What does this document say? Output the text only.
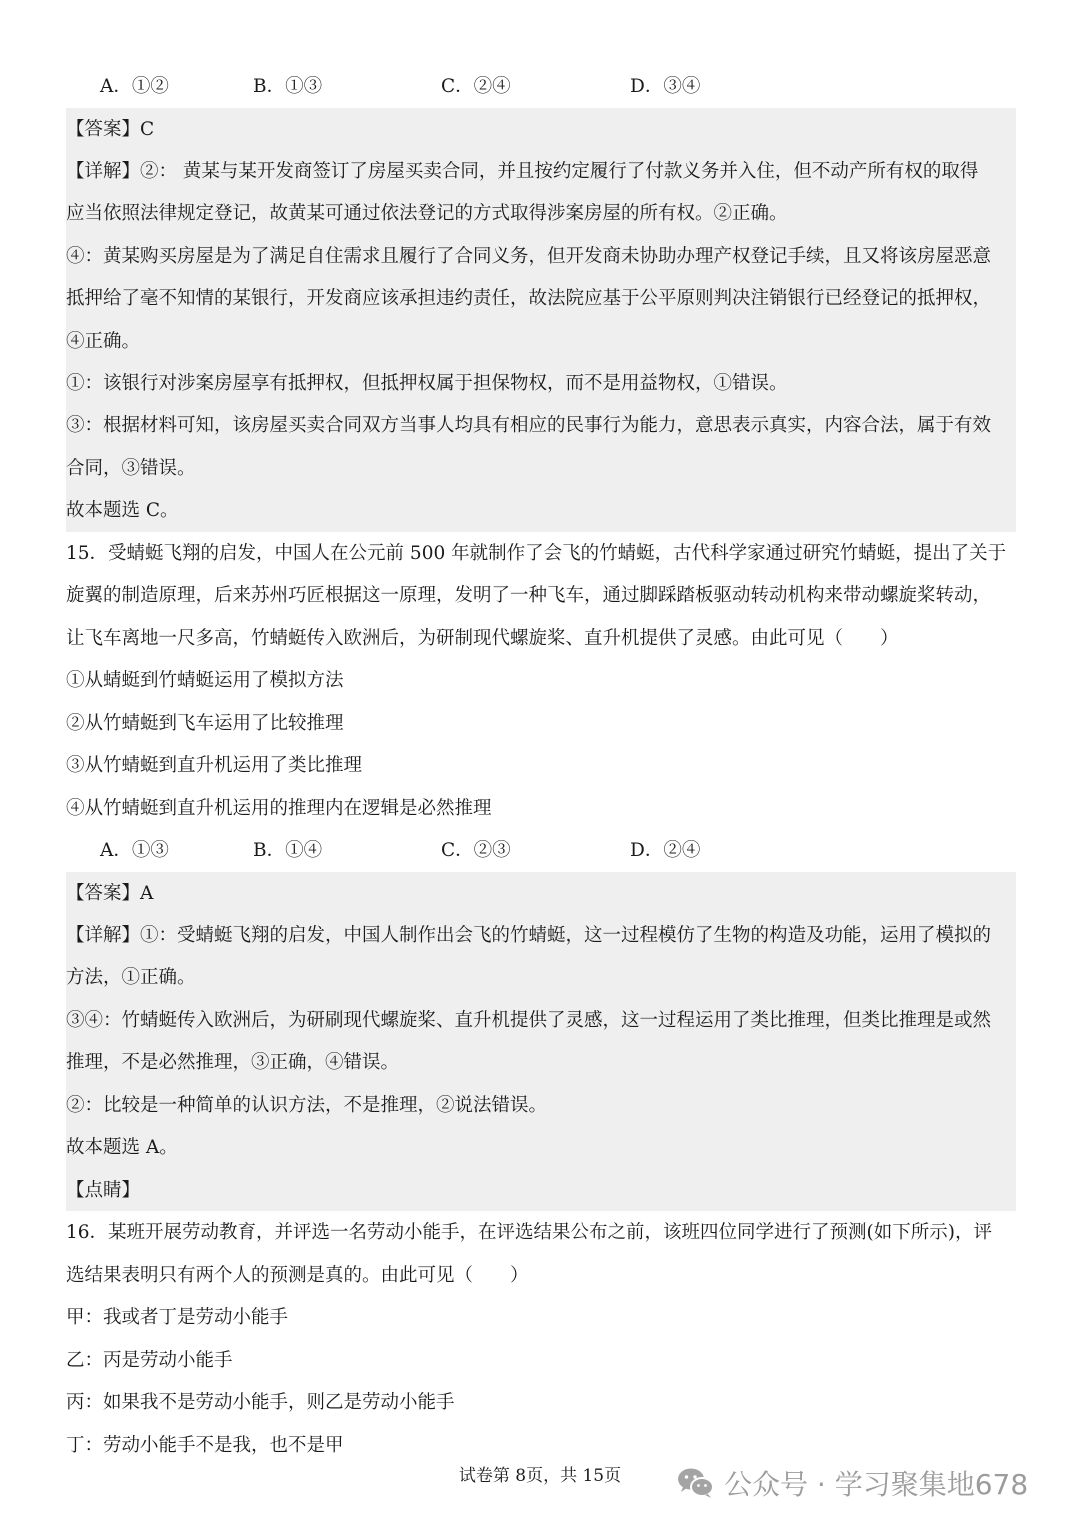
A．①②	B．①③	C．②④	D．③④
【答案】C
【详解】②： 黄某与某开发商签订了房屋买卖合同，并且按约定履行了付款义务并入住，但不动产所有权的取得
应当依照法律规定登记，故黄某可通过依法登记的方式取得涉案房屋的所有权。②正确。
④：黄某购买房屋是为了满足自住需求且履行了合同义务，但开发商未协助办理产权登记手续，且又将该房屋恶意
抵押给了毫不知情的某银行，开发商应该承担违约责任，故法院应基于公平原则判决注销银行已经登记的抵押权，
④正确。
①：该银行对涉案房屋享有抵押权，但抵押权属于担保物权，而不是用益物权，①错误。
③：根据材料可知，该房屋买卖合同双方当事人均具有相应的民事行为能力，意思表示真实，内容合法，属于有效
合同，③错误。
故本题选 C。
15．受蜻蜓飞翔的启发，中国人在公元前 500 年就制作了会飞的竹蜻蜓，古代科学家通过研究竹蜻蜓，提出了关于
旋翼的制造原理，后来苏州巧匠根据这一原理，发明了一种飞车，通过脚踩踏板驱动转动机构来带动螺旋桨转动，
让飞车离地一尺多高，竹蜻蜓传入欧洲后，为研制现代螺旋桨、直升机提供了灵感。由此可见（　　）
①从蜻蜓到竹蜻蜓运用了模拟方法
②从竹蜻蜓到飞车运用了比较推理
③从竹蜻蜓到直升机运用了类比推理
④从竹蜻蜓到直升机运用的推理内在逻辑是必然推理
A．①③	B．①④	C．②③	D．②④
【答案】A
【详解】①：受蜻蜓飞翔的启发，中国人制作出会飞的竹蜻蜓，这一过程模仿了生物的构造及功能，运用了模拟的
方法，①正确。
③④：竹蜻蜓传入欧洲后，为研刷现代螺旋桨、直升机提供了灵感，这一过程运用了类比推理，但类比推理是或然
推理，不是必然推理，③正确，④错误。
②：比较是一种简单的认识方法，不是推理，②说法错误。
故本题选 A。
【点睛】
16．某班开展劳动教育，并评选一名劳动小能手，在评选结果公布之前，该班四位同学进行了预测(如下所示)，评
选结果表明只有两个人的预测是真的。由此可见（　　）
甲：我或者丁是劳动小能手
乙：丙是劳动小能手
丙：如果我不是劳动小能手，则乙是劳动小能手
丁：劳动小能手不是我，也不是甲
试卷第 8页，共 15页	公众号 · 学习聚集地678
